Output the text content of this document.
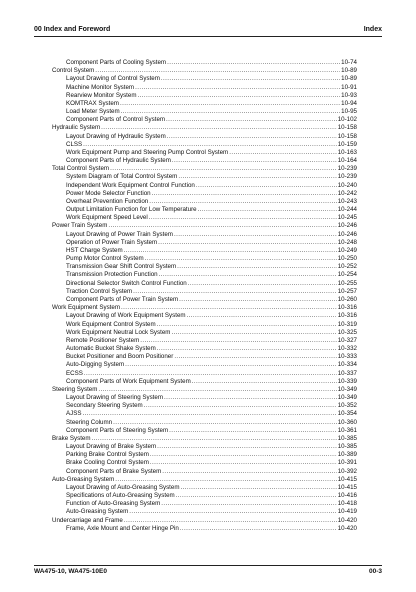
00 Index and Foreword	Index
Component Parts of Cooling System .....	10-74
Control System .....	10-89
Layout Drawing of Control System .....	10-89
Machine Monitor System .....	10-91
Rearview Monitor System .....	10-93
KOMTRAX System .....	10-94
Load Meter System .....	10-95
Component Parts of Control System .....	10-102
Hydraulic System .....	10-158
Layout Drawing of Hydraulic System .....	10-158
CLSS .....	10-159
Work Equipment Pump and Steering Pump Control System .....	10-163
Component Parts of Hydraulic System .....	10-164
Total Control System .....	10-239
System Diagram of Total Control System .....	10-239
Independent Work Equipment Control Function .....	10-240
Power Mode Selector Function .....	10-242
Overheat Prevention Function .....	10-243
Output Limitation Function for Low Temperature .....	10-244
Work Equipment Speed Level .....	10-245
Power Train System .....	10-246
Layout Drawing of Power Train System .....	10-246
Operation of Power Train System .....	10-248
HST Charge System .....	10-249
Pump Motor Control System .....	10-250
Transmission Gear Shift Control System .....	10-252
Transmission Protection Function .....	10-254
Directional Selector Switch Control Function .....	10-255
Traction Control System .....	10-257
Component Parts of Power Train System .....	10-260
Work Equipment System .....	10-316
Layout Drawing of Work Equipment System .....	10-316
Work Equipment Control System .....	10-319
Work Equipment Neutral Lock System .....	10-325
Remote Positioner System .....	10-327
Automatic Bucket Shake System .....	10-332
Bucket Positioner and Boom Positioner .....	10-333
Auto-Digging System .....	10-334
ECSS .....	10-337
Component Parts of Work Equipment System .....	10-339
Steering System .....	10-349
Layout Drawing of Steering System .....	10-349
Secondary Steering System .....	10-352
AJSS .....	10-354
Steering Column .....	10-360
Component Parts of Steering System .....	10-361
Brake System .....	10-385
Layout Drawing of Brake System .....	10-385
Parking Brake Control System .....	10-389
Brake Cooling Control System .....	10-391
Component Parts of Brake System .....	10-392
Auto-Greasing System .....	10-415
Layout Drawing of Auto-Greasing System .....	10-415
Specifications of Auto-Greasing System .....	10-416
Function of Auto-Greasing System .....	10-418
Auto-Greasing System .....	10-419
Undercarriage and Frame .....	10-420
Frame, Axle Mount and Center Hinge Pin .....	10-420
WA475-10, WA475-10E0	00-3
